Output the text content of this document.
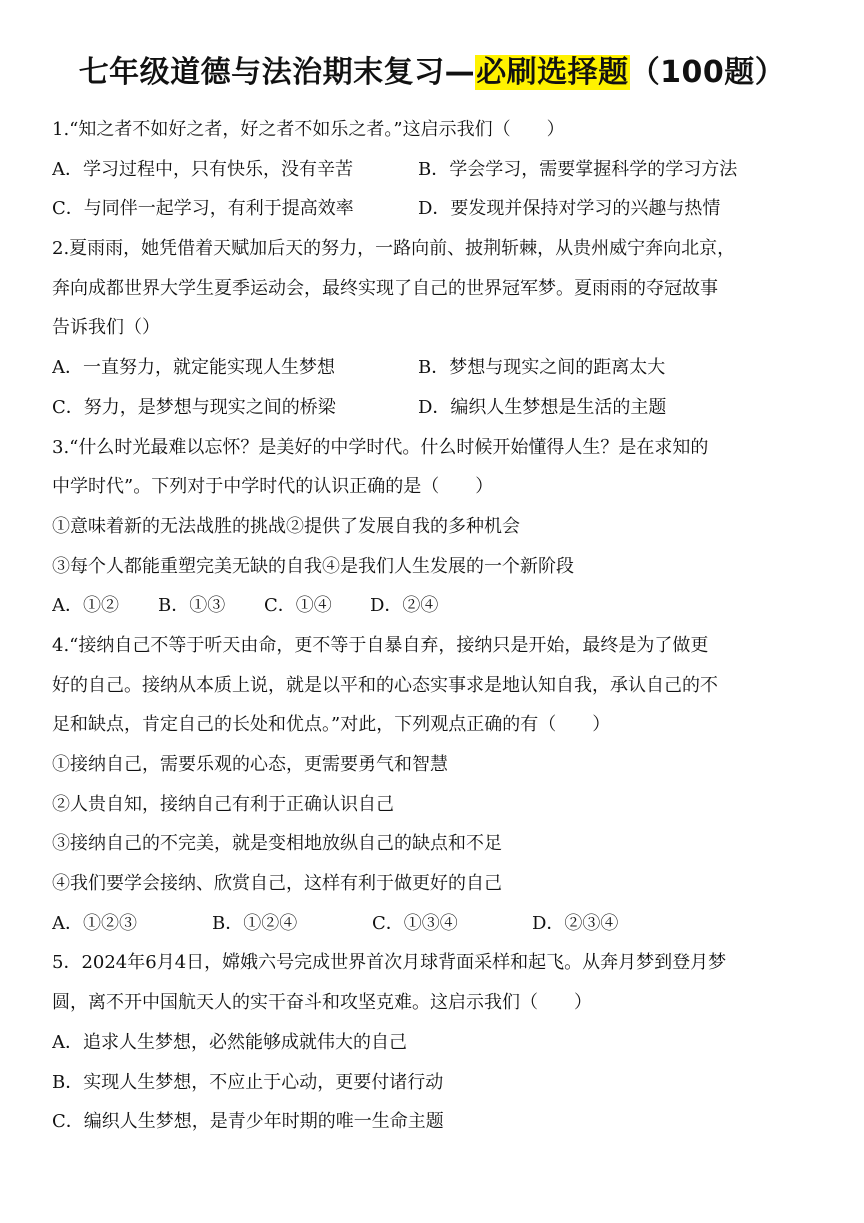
七年级道德与法治期末复习—必刷选择题（100题）
1.“知之者不如好之者，好之者不如乐之者。”这启示我们（　　）
A．学习过程中，只有快乐，没有辛苦	B．学会学习，需要掌握科学的学习方法
C．与同伴一起学习，有利于提高效率	D．要发现并保持对学习的兴趣与热情
2.夏雨雨，她凭借着天赋加后天的努力，一路向前、披荆斩棘，从贵州威宁奔向北京，
奔向成都世界大学生夏季运动会，最终实现了自己的世界冠军梦。夏雨雨的夺冠故事
告诉我们（）
A．一直努力，就定能实现人生梦想	B．梦想与现实之间的距离太大
C．努力，是梦想与现实之间的桥梁	D．编织人生梦想是生活的主题
3.“什么时光最难以忘怀？是美好的中学时代。什么时候开始懂得人生？是在求知的
中学时代”。下列对于中学时代的认识正确的是（　　）
①意味着新的无法战胜的挑战②提供了发展自我的多种机会
③每个人都能重塑完美无缺的自我④是我们人生发展的一个新阶段
A．①②	B．①③	C．①④	D．②④
4.“接纳自己不等于听天由命，更不等于自暴自弃，接纳只是开始，最终是为了做更
好的自己。接纳从本质上说，就是以平和的心态实事求是地认知自我，承认自己的不
足和缺点，肯定自己的长处和优点。”对此，下列观点正确的有（　　）
①接纳自己，需要乐观的心态，更需要勇气和智慧
②人贵自知，接纳自己有利于正确认识自己
③接纳自己的不完美，就是变相地放纵自己的缺点和不足
④我们要学会接纳、欣赏自己，这样有利于做更好的自己
A．①②③	B．①②④	C．①③④	D．②③④
5．2024年6月4日，嫦娥六号完成世界首次月球背面采样和起飞。从奔月梦到登月梦
圆，离不开中国航天人的实干奋斗和攻坚克难。这启示我们（　　）
A．追求人生梦想，必然能够成就伟大的自己
B．实现人生梦想，不应止于心动，更要付诸行动
C．编织人生梦想，是青少年时期的唯一生命主题
